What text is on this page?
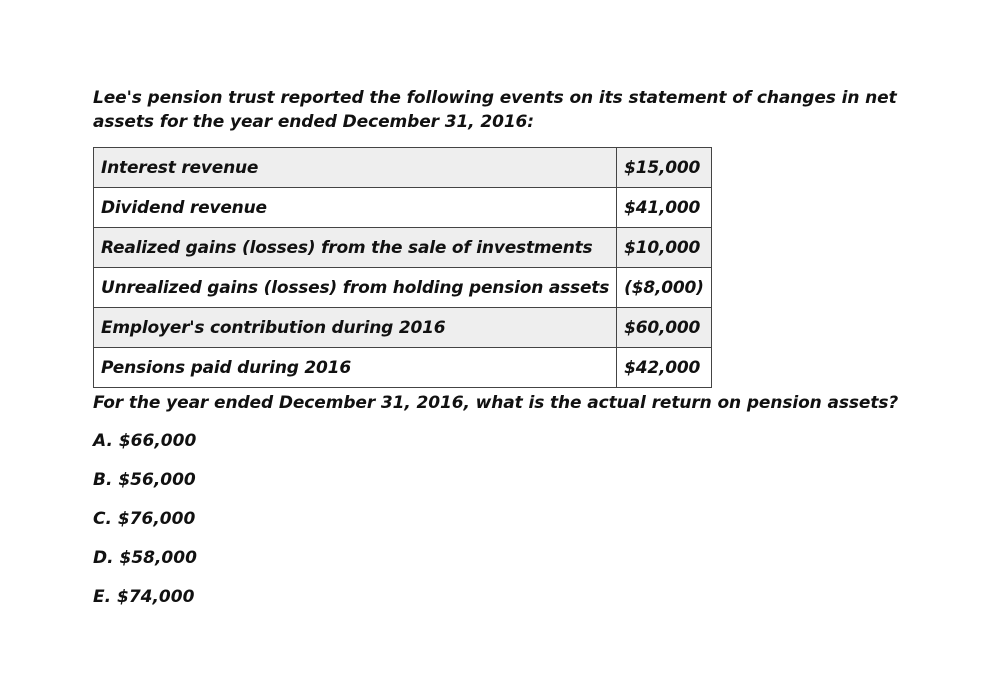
Lee's pension trust reported the following events on its statement of changes in net assets for the year ended December 31, 2016:

Interest revenue	$15,000
Dividend revenue	$41,000
Realized gains (losses) from the sale of investments	$10,000
Unrealized gains (losses) from holding pension assets	($8,000)
Employer's contribution during 2016	$60,000
Pensions paid during 2016	$42,000

For the year ended December 31, 2016, what is the actual return on pension assets?

A. $66,000
B. $56,000
C. $76,000
D. $58,000
E. $74,000
